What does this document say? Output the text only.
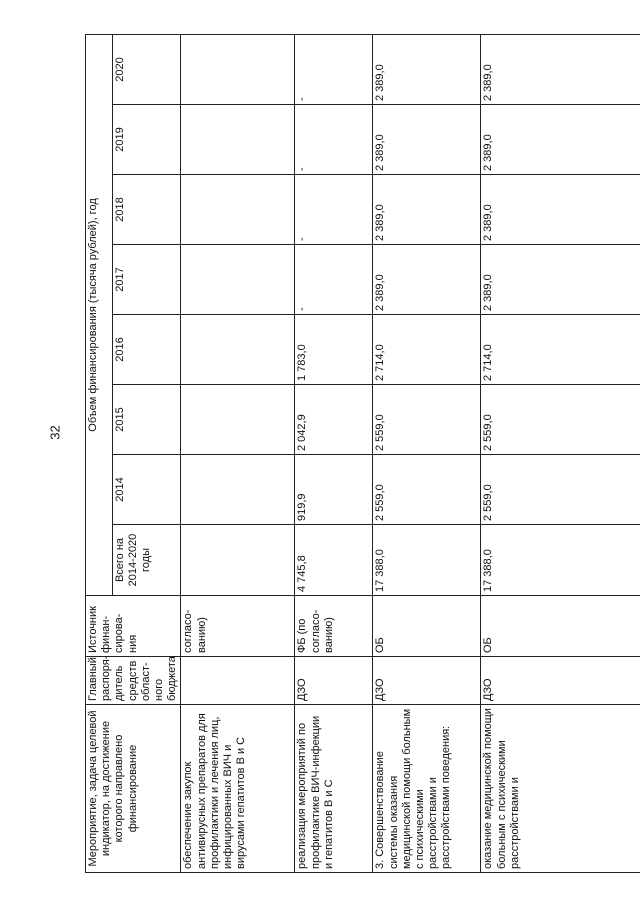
32
Мероприятие, задача целевой индикатор, на достижение которого направлено финансирование	Главный распоря-дитель средств област-ного бюджета	Источник финан-сирова-ния	Объем финансирования (тысяча рублей), год							
			Всего на 2014-2020 годы	2014	2015	2016	2017	2018	2019	2020
обеспечение закупок антивирусных препаратов для профилактики и лечения лиц, инфицированных ВИЧ и вирусами гепатитов В и С		согласо-ванию)								
реализация мероприятий по профилактике ВИЧ-инфекции и гепатитов В и С	ДЗО	ФБ (по согласо-ванию)	4 745,8	919,9	2 042,9	1 783,0	-	-	-	-
3. Совершенствование системы оказания медицинской помощи больным с психическими расстройствами и расстройствами поведения:	ДЗО	ОБ	17 388,0	2 559,0	2 559,0	2 714,0	2 389,0	2 389,0	2 389,0	2 389,0
оказание медицинской помощи больным с психическими расстройствами и	ДЗО	ОБ	17 388,0	2 559,0	2 559,0	2 714,0	2 389,0	2 389,0	2 389,0	2 389,0
